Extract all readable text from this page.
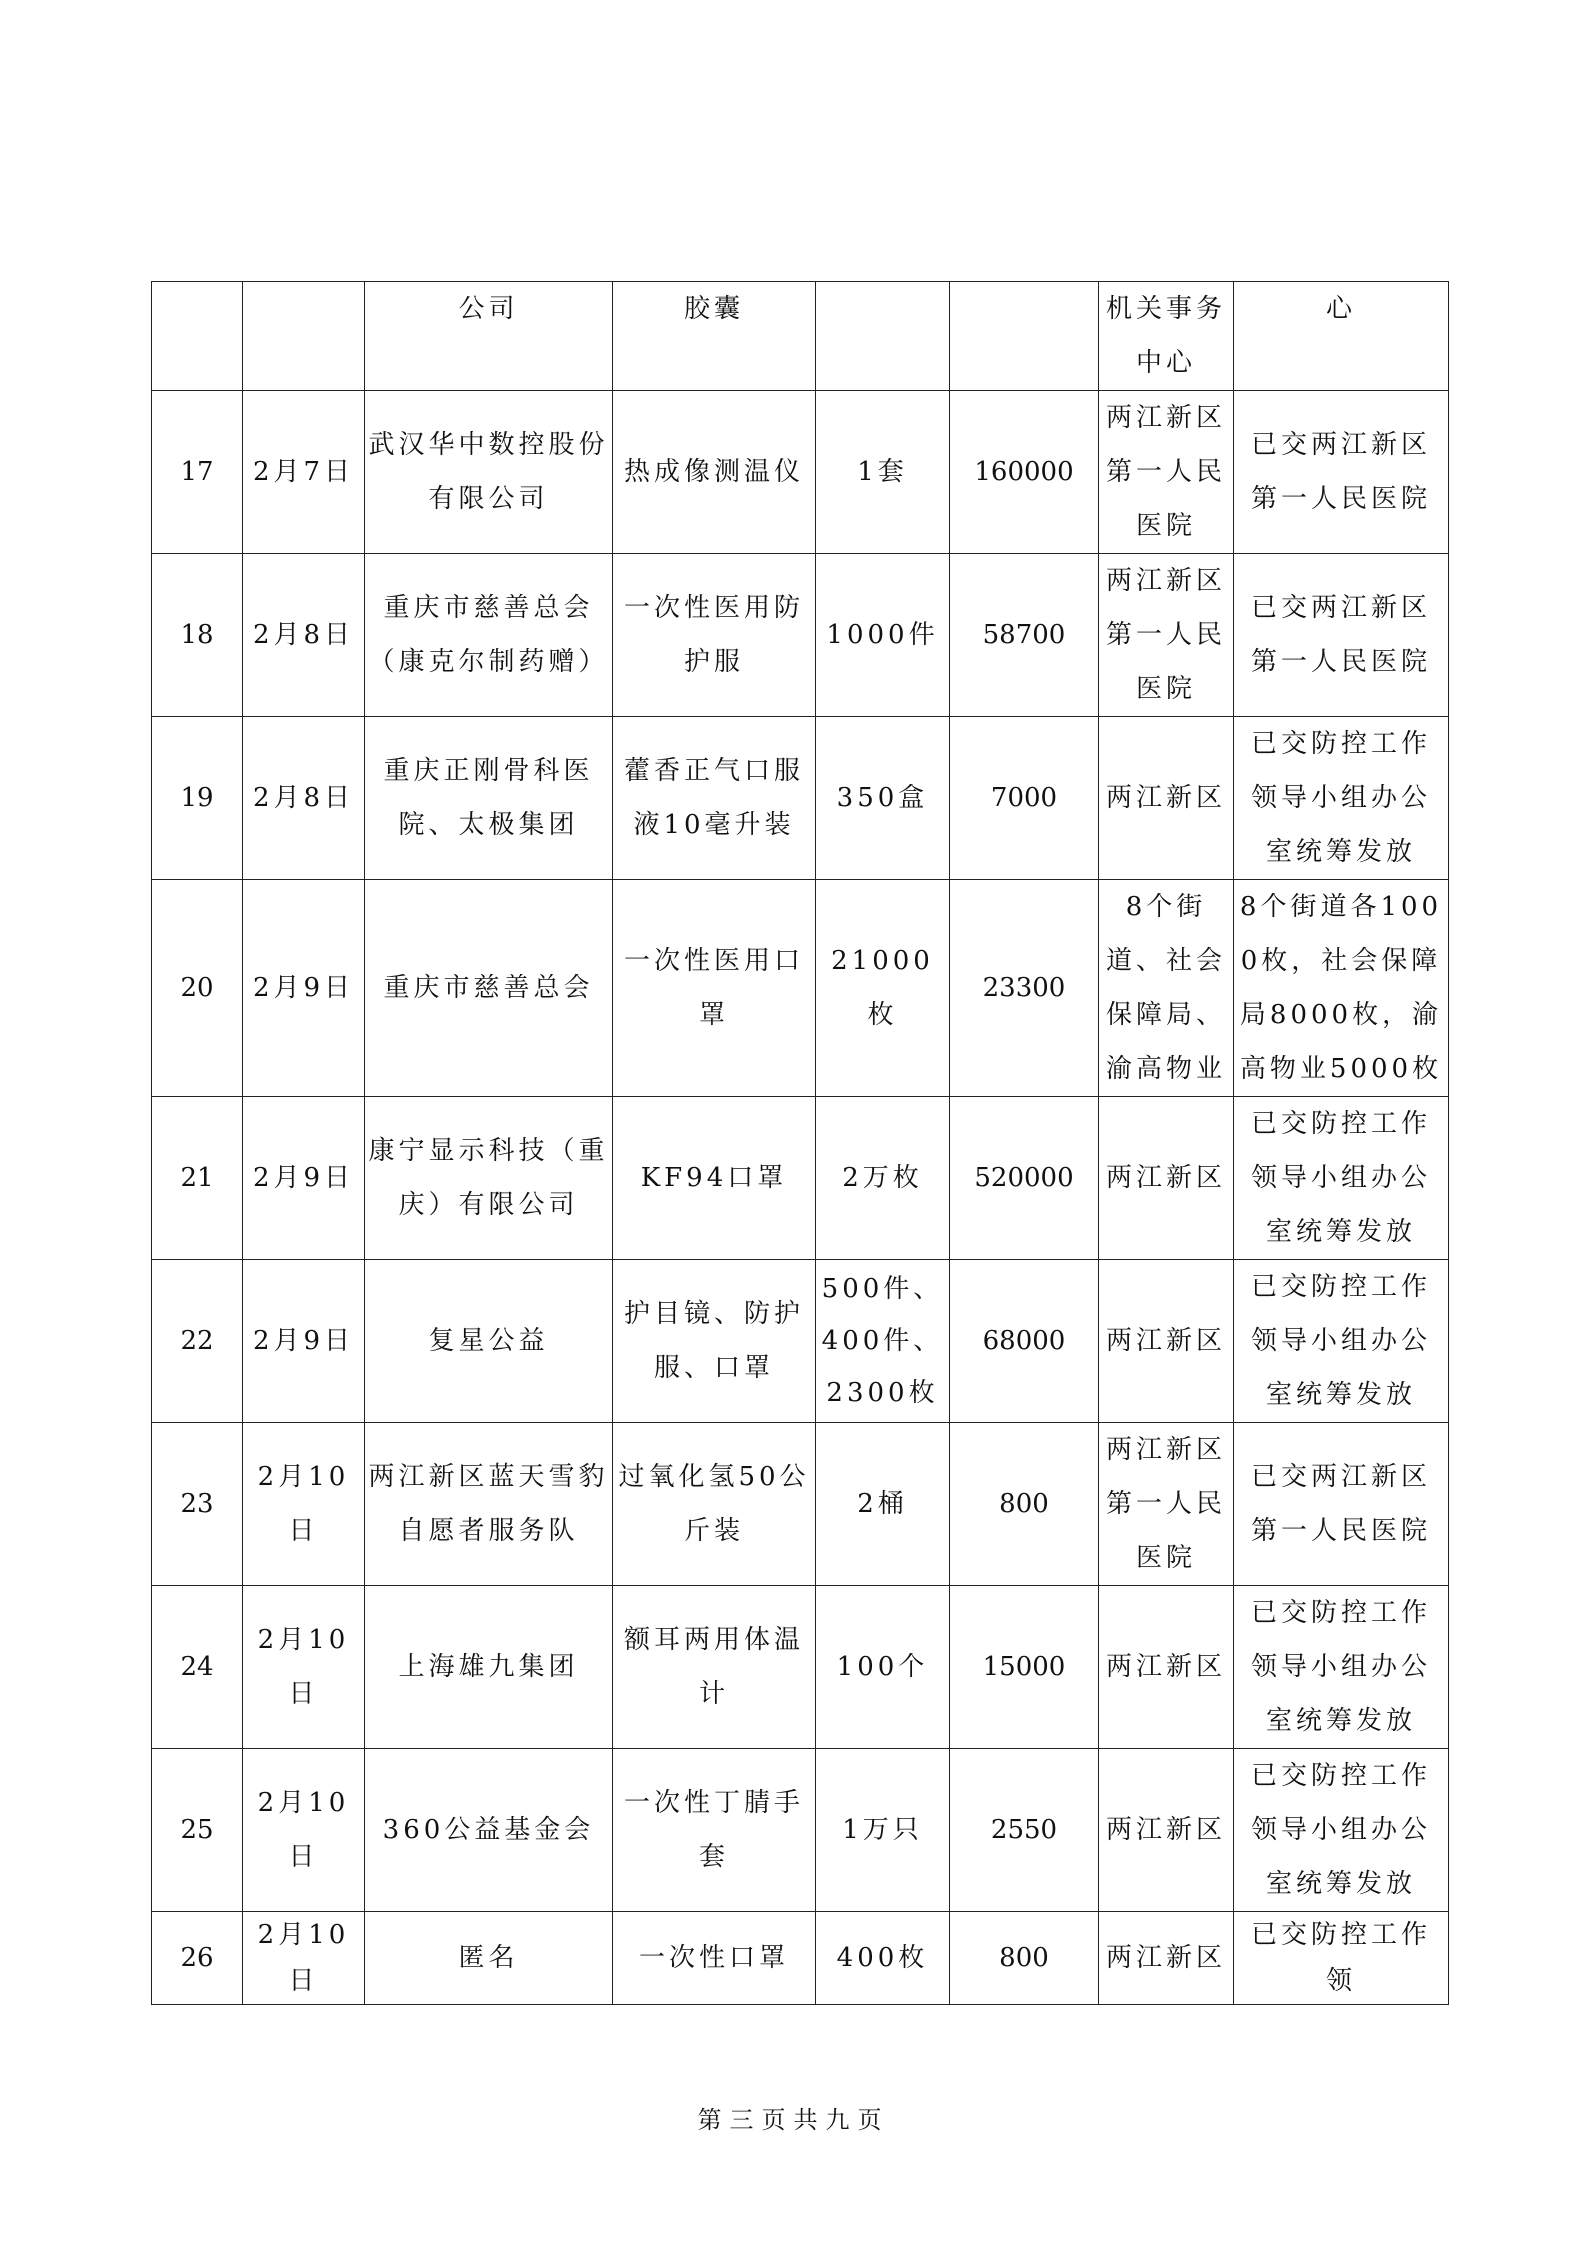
		公司	胶囊			机关事务中心	心
17	2月7日	武汉华中数控股份有限公司	热成像测温仪	1套	160000	两江新区第一人民医院	已交两江新区第一人民医院
18	2月8日	重庆市慈善总会（康克尔制药赠）	一次性医用防护服	1000件	58700	两江新区第一人民医院	已交两江新区第一人民医院
19	2月8日	重庆正刚骨科医院、太极集团	藿香正气口服液10毫升装	350盒	7000	两江新区	已交防控工作领导小组办公室统筹发放
20	2月9日	重庆市慈善总会	一次性医用口罩	21000枚	23300	8个街道、社会保障局、渝高物业	8个街道各1000枚，社会保障局8000枚，渝高物业5000枚
21	2月9日	康宁显示科技（重庆）有限公司	KF94口罩	2万枚	520000	两江新区	已交防控工作领导小组办公室统筹发放
22	2月9日	复星公益	护目镜、防护服、口罩	500件、400件、2300枚	68000	两江新区	已交防控工作领导小组办公室统筹发放
23	2月10日	两江新区蓝天雪豹自愿者服务队	过氧化氢50公斤装	2桶	800	两江新区第一人民医院	已交两江新区第一人民医院
24	2月10日	上海雄九集团	额耳两用体温计	100个	15000	两江新区	已交防控工作领导小组办公室统筹发放
25	2月10日	360公益基金会	一次性丁腈手套	1万只	2550	两江新区	已交防控工作领导小组办公室统筹发放
26	2月10日	匿名	一次性口罩	400枚	800	两江新区	已交防控工作领
第三页共九页
